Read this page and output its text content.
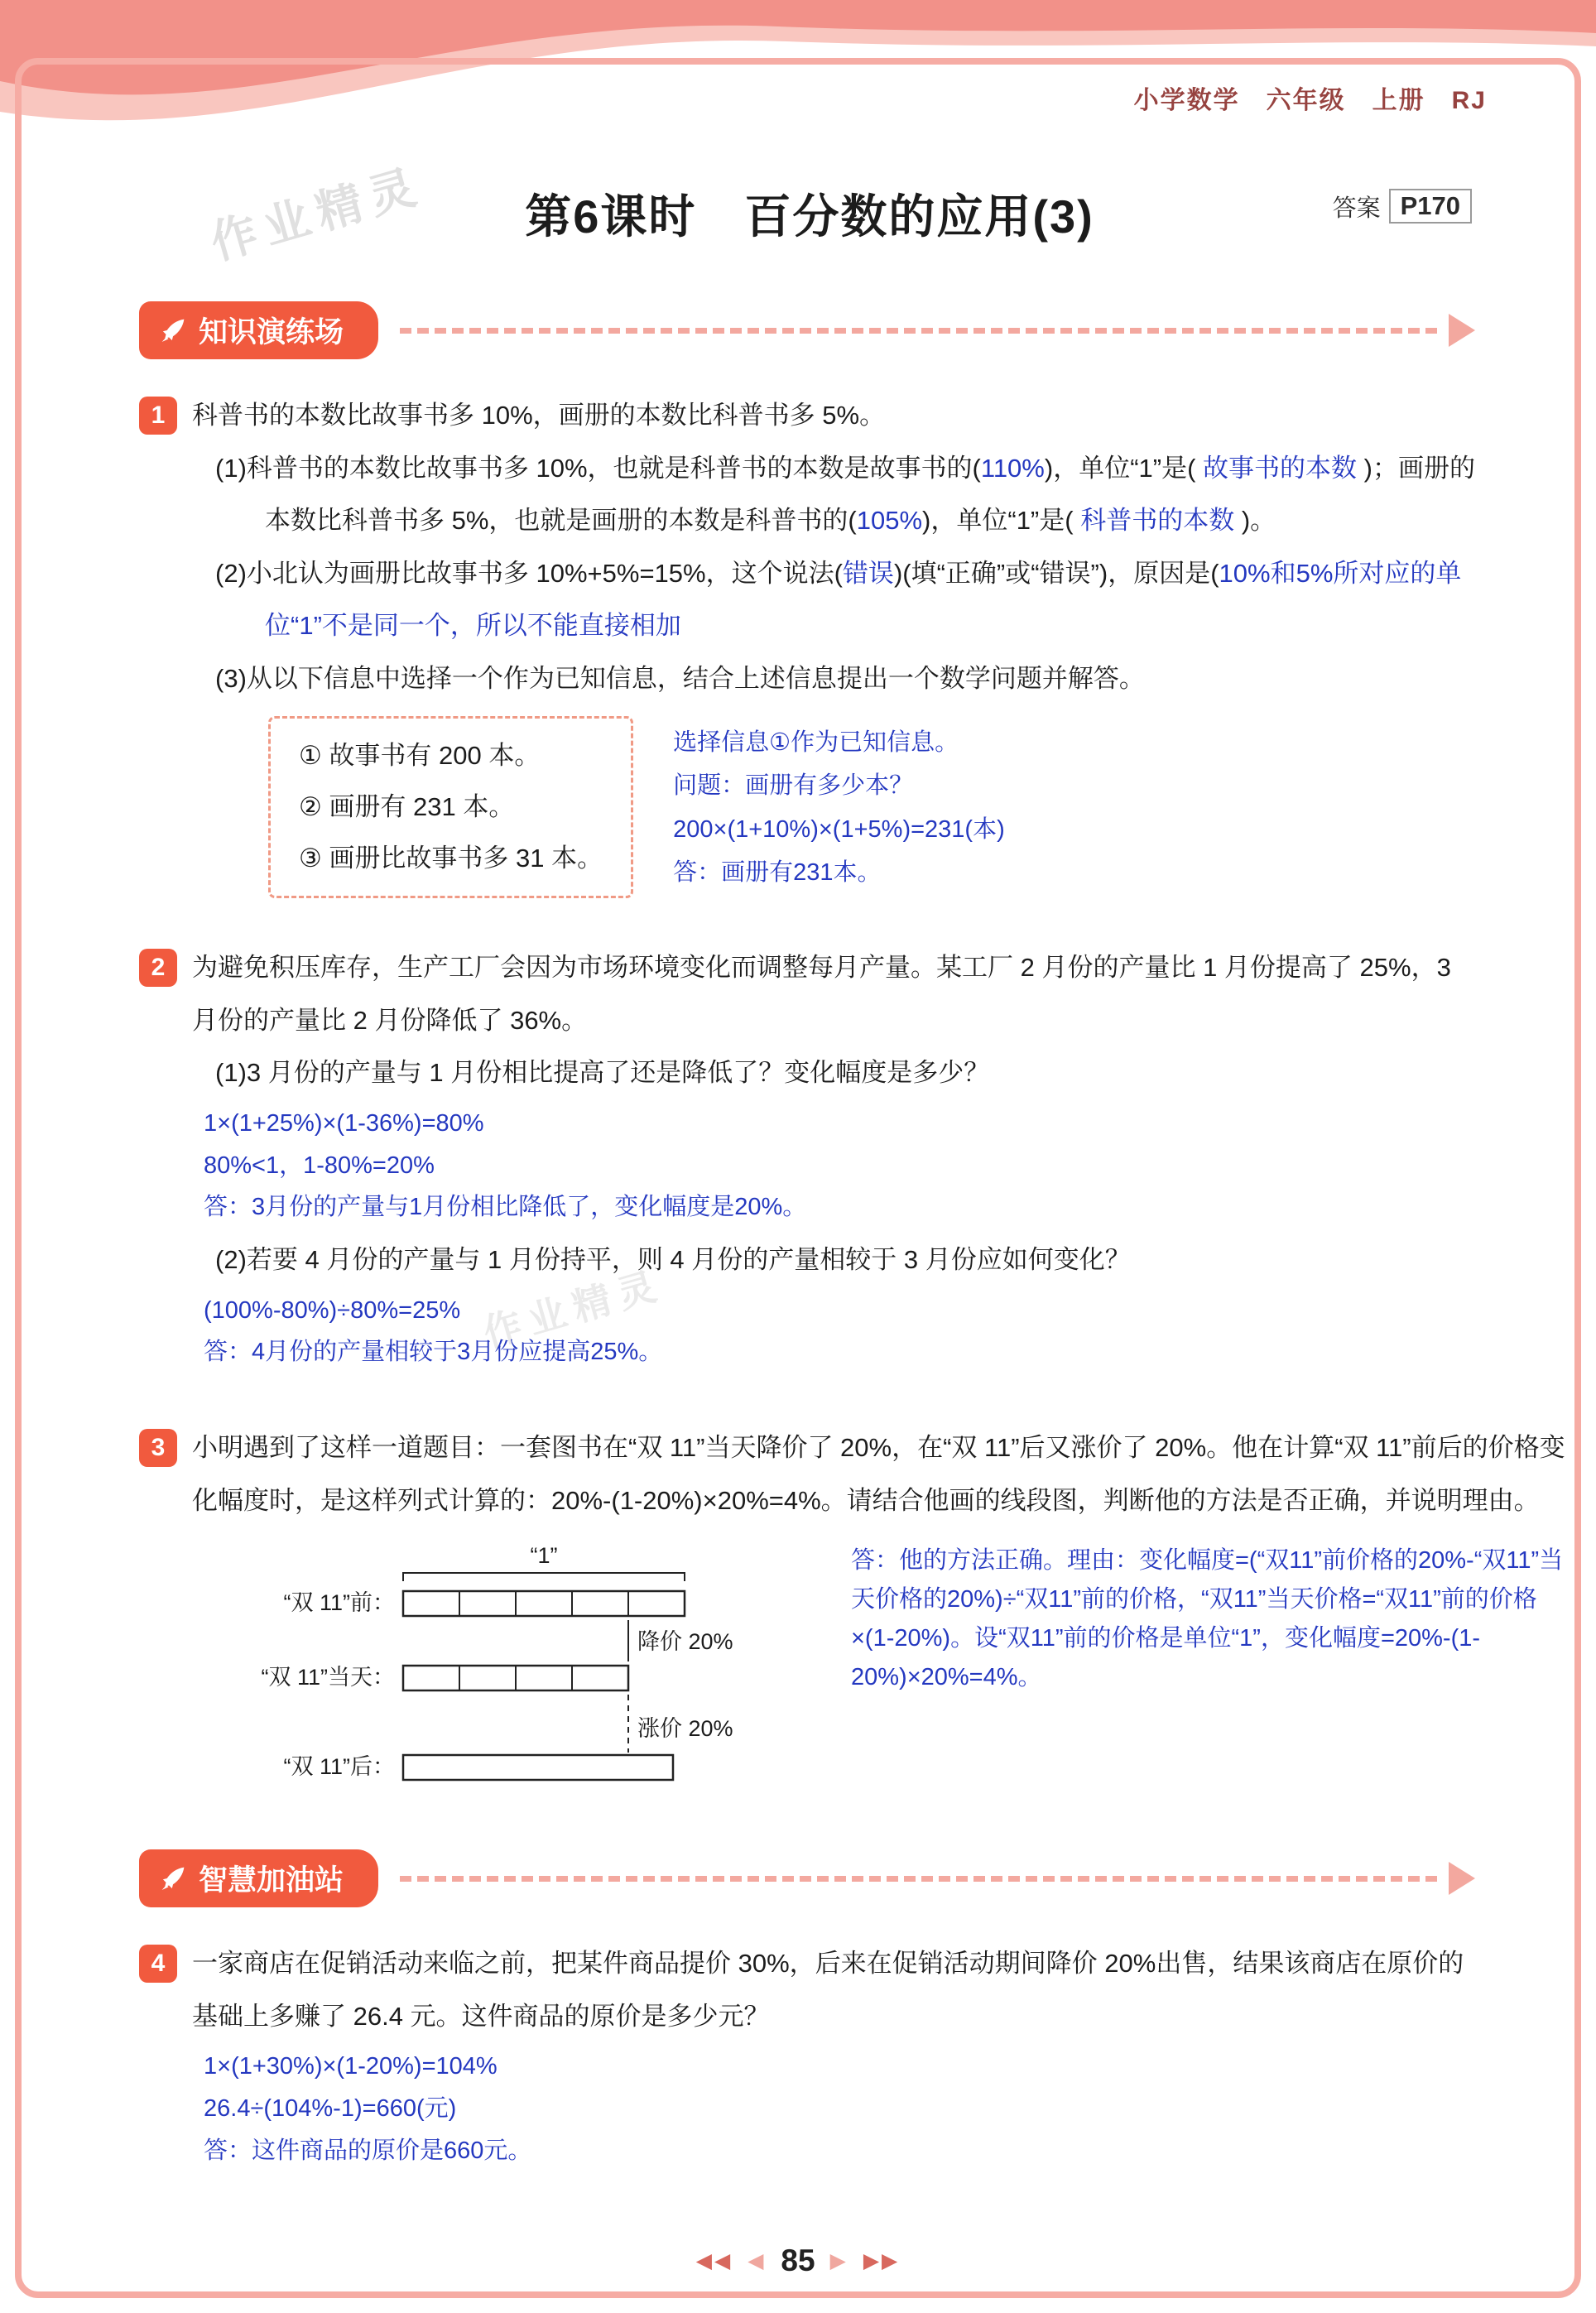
小学数学　六年级　上册　RJ
作业精灵
作业精灵
第6课时　百分数的应用(3)	答案 P170
知识演练场
1	科普书的本数比故事书多 10%，画册的本数比科普书多 5%。
(1)科普书的本数比故事书多 10%，也就是科普书的本数是故事书的(110%)，单位“1”是( 故事书的本数 )；画册的本数比科普书多 5%，也就是画册的本数是科普书的(105%)，单位“1”是( 科普书的本数 )。
(2)小北认为画册比故事书多 10%+5%=15%，这个说法(错误)(填“正确”或“错误”)，原因是(10%和5%所对应的单位“1”不是同一个，所以不能直接相加
(3)从以下信息中选择一个作为已知信息，结合上述信息提出一个数学问题并解答。
① 故事书有 200 本。
② 画册有 231 本。
③ 画册比故事书多 31 本。
选择信息①作为已知信息。
问题：画册有多少本？
200×(1+10%)×(1+5%)=231(本)
答：画册有231本。
2	为避免积压库存，生产工厂会因为市场环境变化而调整每月产量。某工厂 2 月份的产量比 1 月份提高了 25%，3 月份的产量比 2 月份降低了 36%。
(1)3 月份的产量与 1 月份相比提高了还是降低了？变化幅度是多少？
1×(1+25%)×(1-36%)=80%
80%<1，1-80%=20%
答：3月份的产量与1月份相比降低了，变化幅度是20%。
(2)若要 4 月份的产量与 1 月份持平，则 4 月份的产量相较于 3 月份应如何变化？
(100%-80%)÷80%=25%
答：4月份的产量相较于3月份应提高25%。
3	小明遇到了这样一道题目：一套图书在“双 11”当天降价了 20%，在“双 11”后又涨价了 20%。他在计算“双 11”前后的价格变化幅度时，是这样列式计算的：20%-(1-20%)×20%=4%。请结合他画的线段图，判断他的方法是否正确，并说明理由。
“1”
“双 11”前：
降价 20%
“双 11”当天：
涨价 20%
“双 11”后：
答：他的方法正确。理由：变化幅度=(“双11”前价格的20%-“双11”当天价格的20%)÷“双11”前的价格，“双11”当天价格=“双11”前的价格×(1-20%)。设“双11”前的价格是单位“1”，变化幅度=20%-(1-20%)×20%=4%。
智慧加油站
4	一家商店在促销活动来临之前，把某件商品提价 30%，后来在促销活动期间降价 20%出售，结果该商店在原价的基础上多赚了 26.4 元。这件商品的原价是多少元？
1×(1+30%)×(1-20%)=104%
26.4÷(104%-1)=660(元)
答：这件商品的原价是660元。
◀◀ ◀ 85 ▶ ▶▶
